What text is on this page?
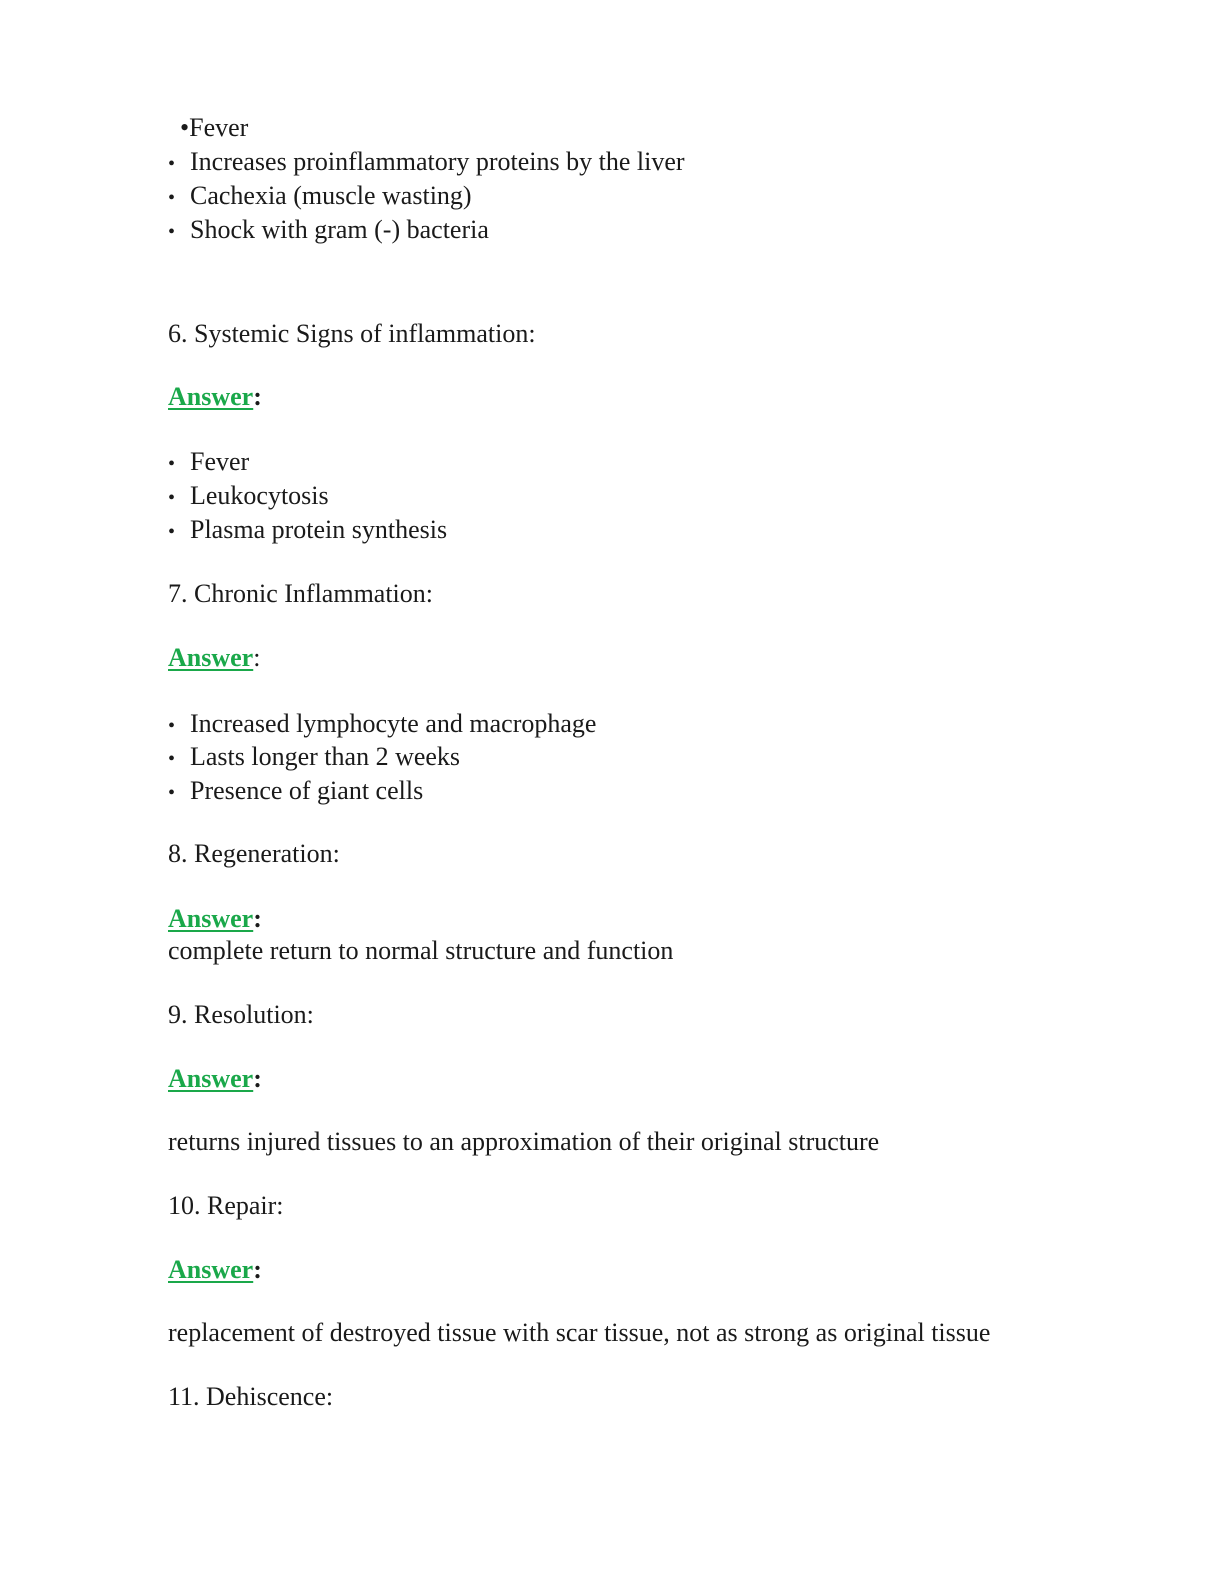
•Fever
• Increases proinflammatory proteins by the liver
• Cachexia (muscle wasting)
• Shock with gram (-) bacteria
6. Systemic Signs of inflammation:
Answer:
• Fever
• Leukocytosis
• Plasma protein synthesis
7. Chronic Inflammation:
Answer:
• Increased lymphocyte and macrophage
• Lasts longer than 2 weeks
• Presence of giant cells
8. Regeneration:
Answer:
complete return to normal structure and function
9. Resolution:
Answer:
returns injured tissues to an approximation of their original structure
10. Repair:
Answer:
replacement of destroyed tissue with scar tissue, not as strong as original tissue
11. Dehiscence:
